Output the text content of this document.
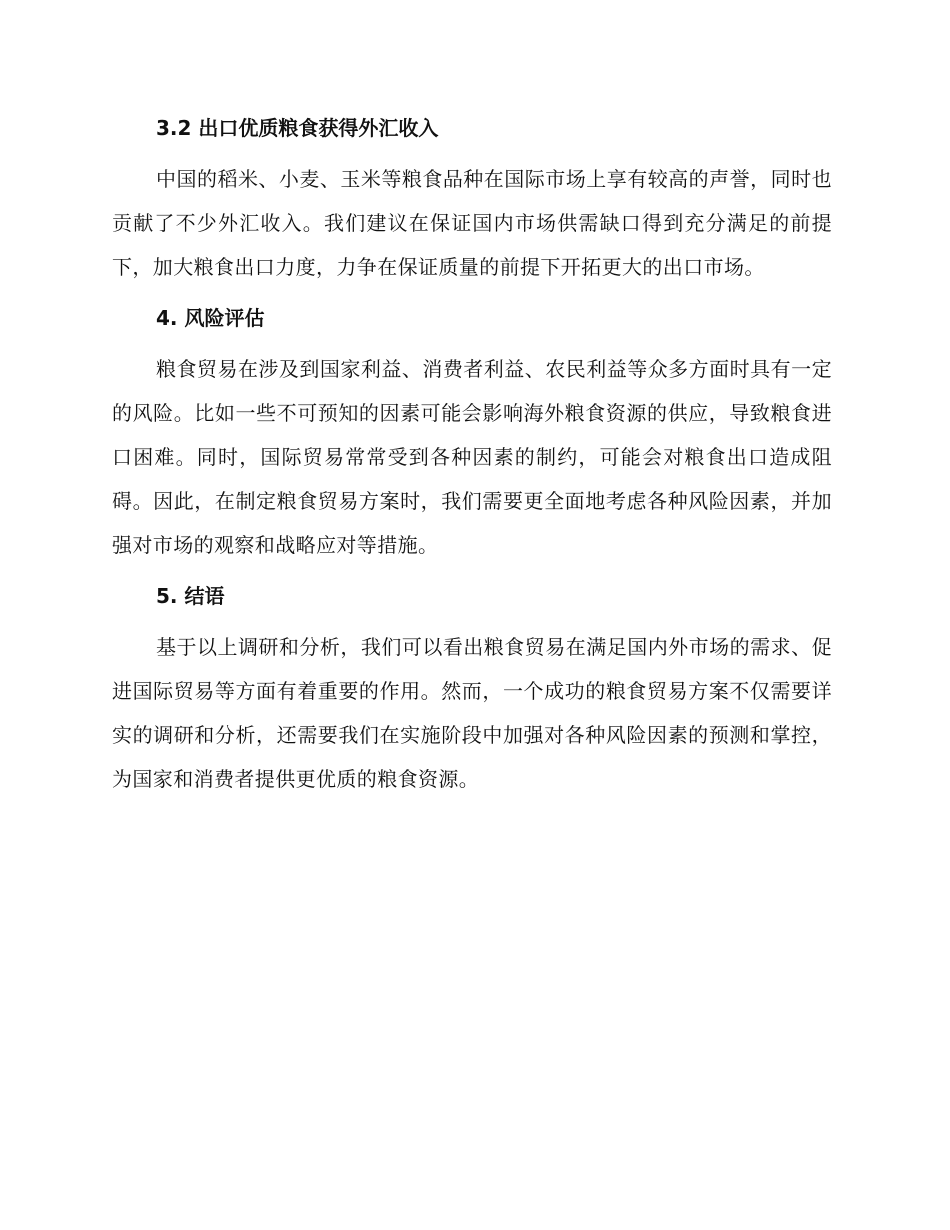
3.2 出口优质粮食获得外汇收入

中国的稻米、小麦、玉米等粮食品种在国际市场上享有较高的声誉，同时也贡献了不少外汇收入。我们建议在保证国内市场供需缺口得到充分满足的前提下，加大粮食出口力度，力争在保证质量的前提下开拓更大的出口市场。

4. 风险评估

粮食贸易在涉及到国家利益、消费者利益、农民利益等众多方面时具有一定的风险。比如一些不可预知的因素可能会影响海外粮食资源的供应，导致粮食进口困难。同时，国际贸易常常受到各种因素的制约，可能会对粮食出口造成阻碍。因此，在制定粮食贸易方案时，我们需要更全面地考虑各种风险因素，并加强对市场的观察和战略应对等措施。

5. 结语

基于以上调研和分析，我们可以看出粮食贸易在满足国内外市场的需求、促进国际贸易等方面有着重要的作用。然而，一个成功的粮食贸易方案不仅需要详实的调研和分析，还需要我们在实施阶段中加强对各种风险因素的预测和掌控，为国家和消费者提供更优质的粮食资源。
